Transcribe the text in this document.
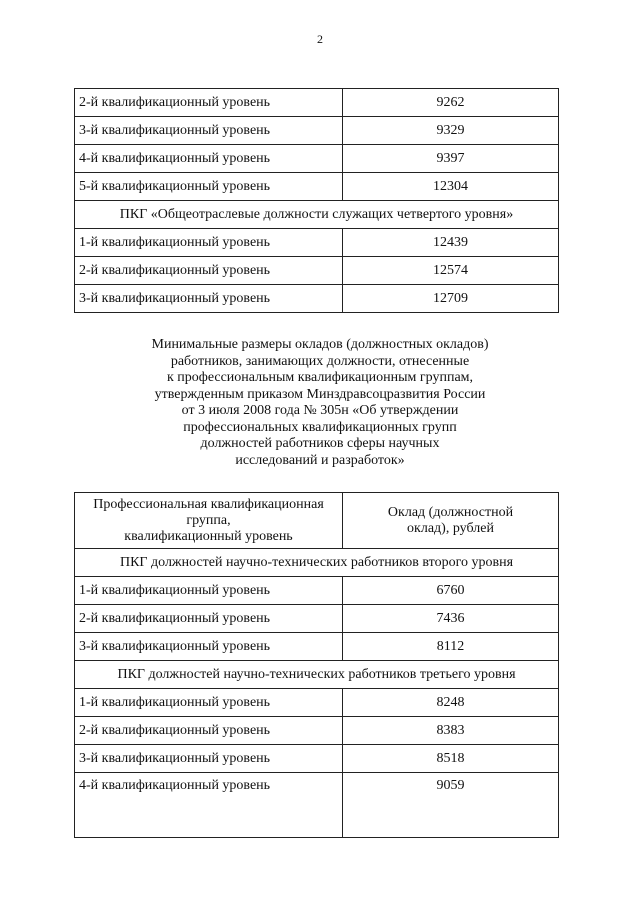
2
2-й квалификационный уровень	9262
3-й квалификационный уровень	9329
4-й квалификационный уровень	9397
5-й квалификационный уровень	12304
ПКГ «Общеотраслевые должности служащих четвертого уровня»	
1-й квалификационный уровень	12439
2-й квалификационный уровень	12574
3-й квалификационный уровень	12709
Минимальные размеры окладов (должностных окладов)
работников, занимающих должности, отнесенные
к профессиональным квалификационным группам,
утвержденным приказом Минздравсоцразвития России
от 3 июля 2008 года № 305н «Об утверждении
профессиональных квалификационных групп
должностей работников сферы научных
исследований и разработок»
Профессиональная квалификационная группа,
квалификационный уровень	Оклад (должностной
оклад), рублей
ПКГ должностей научно-технических работников второго уровня	
1-й квалификационный уровень	6760
2-й квалификационный уровень	7436
3-й квалификационный уровень	8112
ПКГ должностей научно-технических работников третьего уровня	
1-й квалификационный уровень	8248
2-й квалификационный уровень	8383
3-й квалификационный уровень	8518
4-й квалификационный уровень	9059
